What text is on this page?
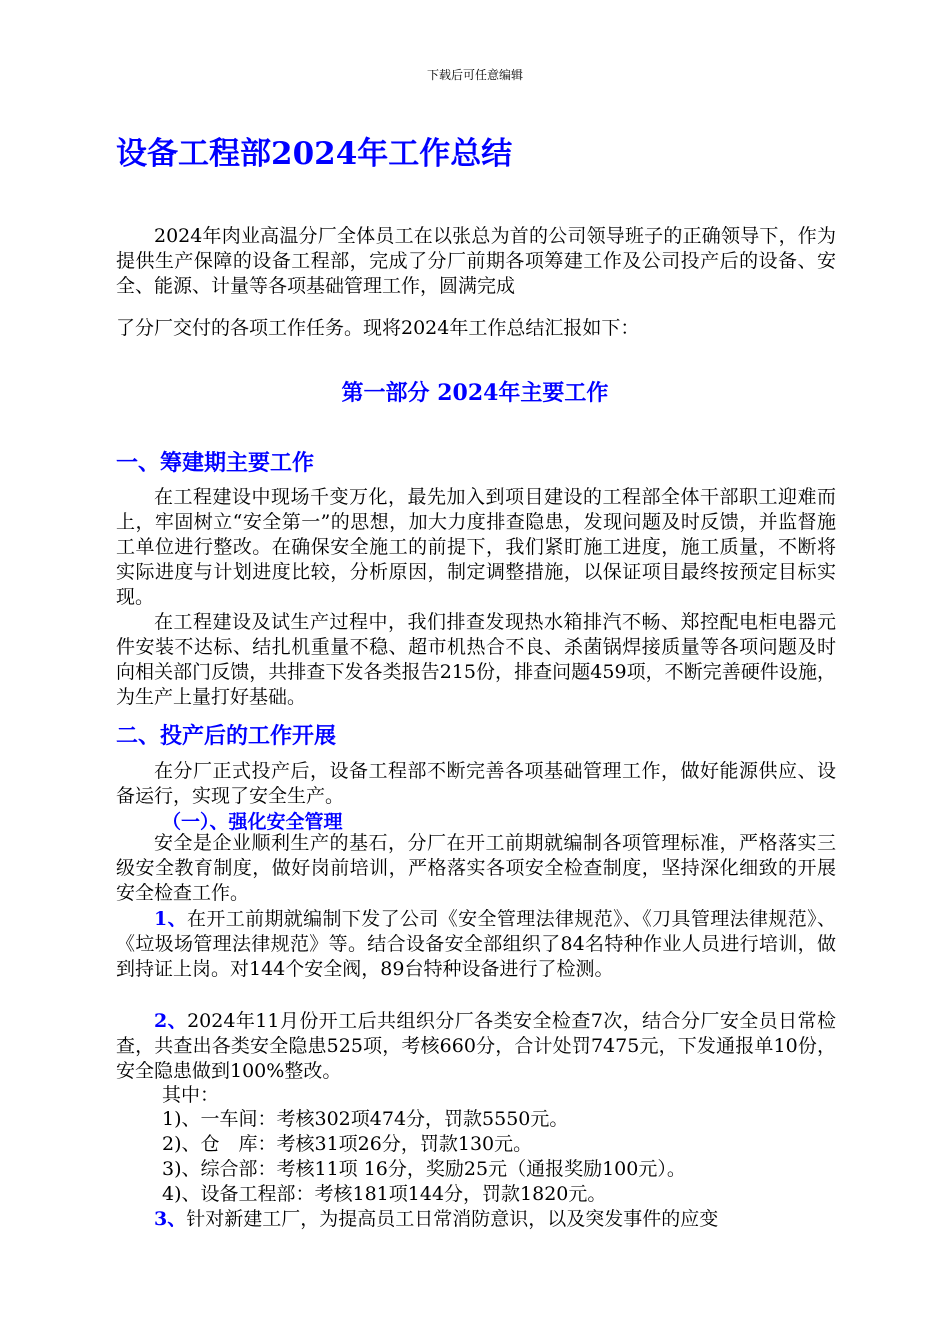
下载后可任意编辑
设备工程部2024年工作总结

2024年肉业高温分厂全体员工在以张总为首的公司领导班子的正确领导下，作为提供生产保障的设备工程部，完成了分厂前期各项筹建工作及公司投产后的设备、安全、能源、计量等各项基础管理工作，圆满完成

了分厂交付的各项工作任务。现将2024年工作总结汇报如下：

第一部分 2024年主要工作
一、筹建期主要工作

在工程建设中现场千变万化，最先加入到项目建设的工程部全体干部职工迎难而上，牢固树立“安全第一”的思想，加大力度排查隐患，发现问题及时反馈，并监督施工单位进行整改。在确保安全施工的前提下，我们紧盯施工进度，施工质量，不断将实际进度与计划进度比较，分析原因，制定调整措施，以保证项目最终按预定目标实现。

在工程建设及试生产过程中，我们排查发现热水箱排汽不畅、郑控配电柜电器元件安装不达标、结扎机重量不稳、超市机热合不良、杀菌锅焊接质量等各项问题及时向相关部门反馈，共排查下发各类报告215份，排查问题459项，不断完善硬件设施，为生产上量打好基础。

二、投产后的工作开展

在分厂正式投产后，设备工程部不断完善各项基础管理工作，做好能源供应、设备运行，实现了安全生产。

（一）、强化安全管理

安全是企业顺利生产的基石，分厂在开工前期就编制各项管理标准，严格落实三级安全教育制度，做好岗前培训，严格落实各项安全检查制度，坚持深化细致的开展安全检查工作。

1、在开工前期就编制下发了公司《安全管理法律规范》、《刀具管理法律规范》、《垃圾场管理法律规范》等。结合设备安全部组织了84名特种作业人员进行培训，做到持证上岗。对144个安全阀，89台特种设备进行了检测。

2、2024年11月份开工后共组织分厂各类安全检查7次，结合分厂安全员日常检查，共查出各类安全隐患525项，考核660分，合计处罚7475元，下发通报单10份，安全隐患做到100%整改。

其中：
1)、一车间：考核302项474分，罚款5550元。
2)、仓　库：考核31项26分，罚款130元。
3)、综合部：考核11项 16分，奖励25元（通报奖励100元）。
4)、设备工程部：考核181项144分，罚款1820元。

3、针对新建工厂，为提高员工日常消防意识，以及突发事件的应变
